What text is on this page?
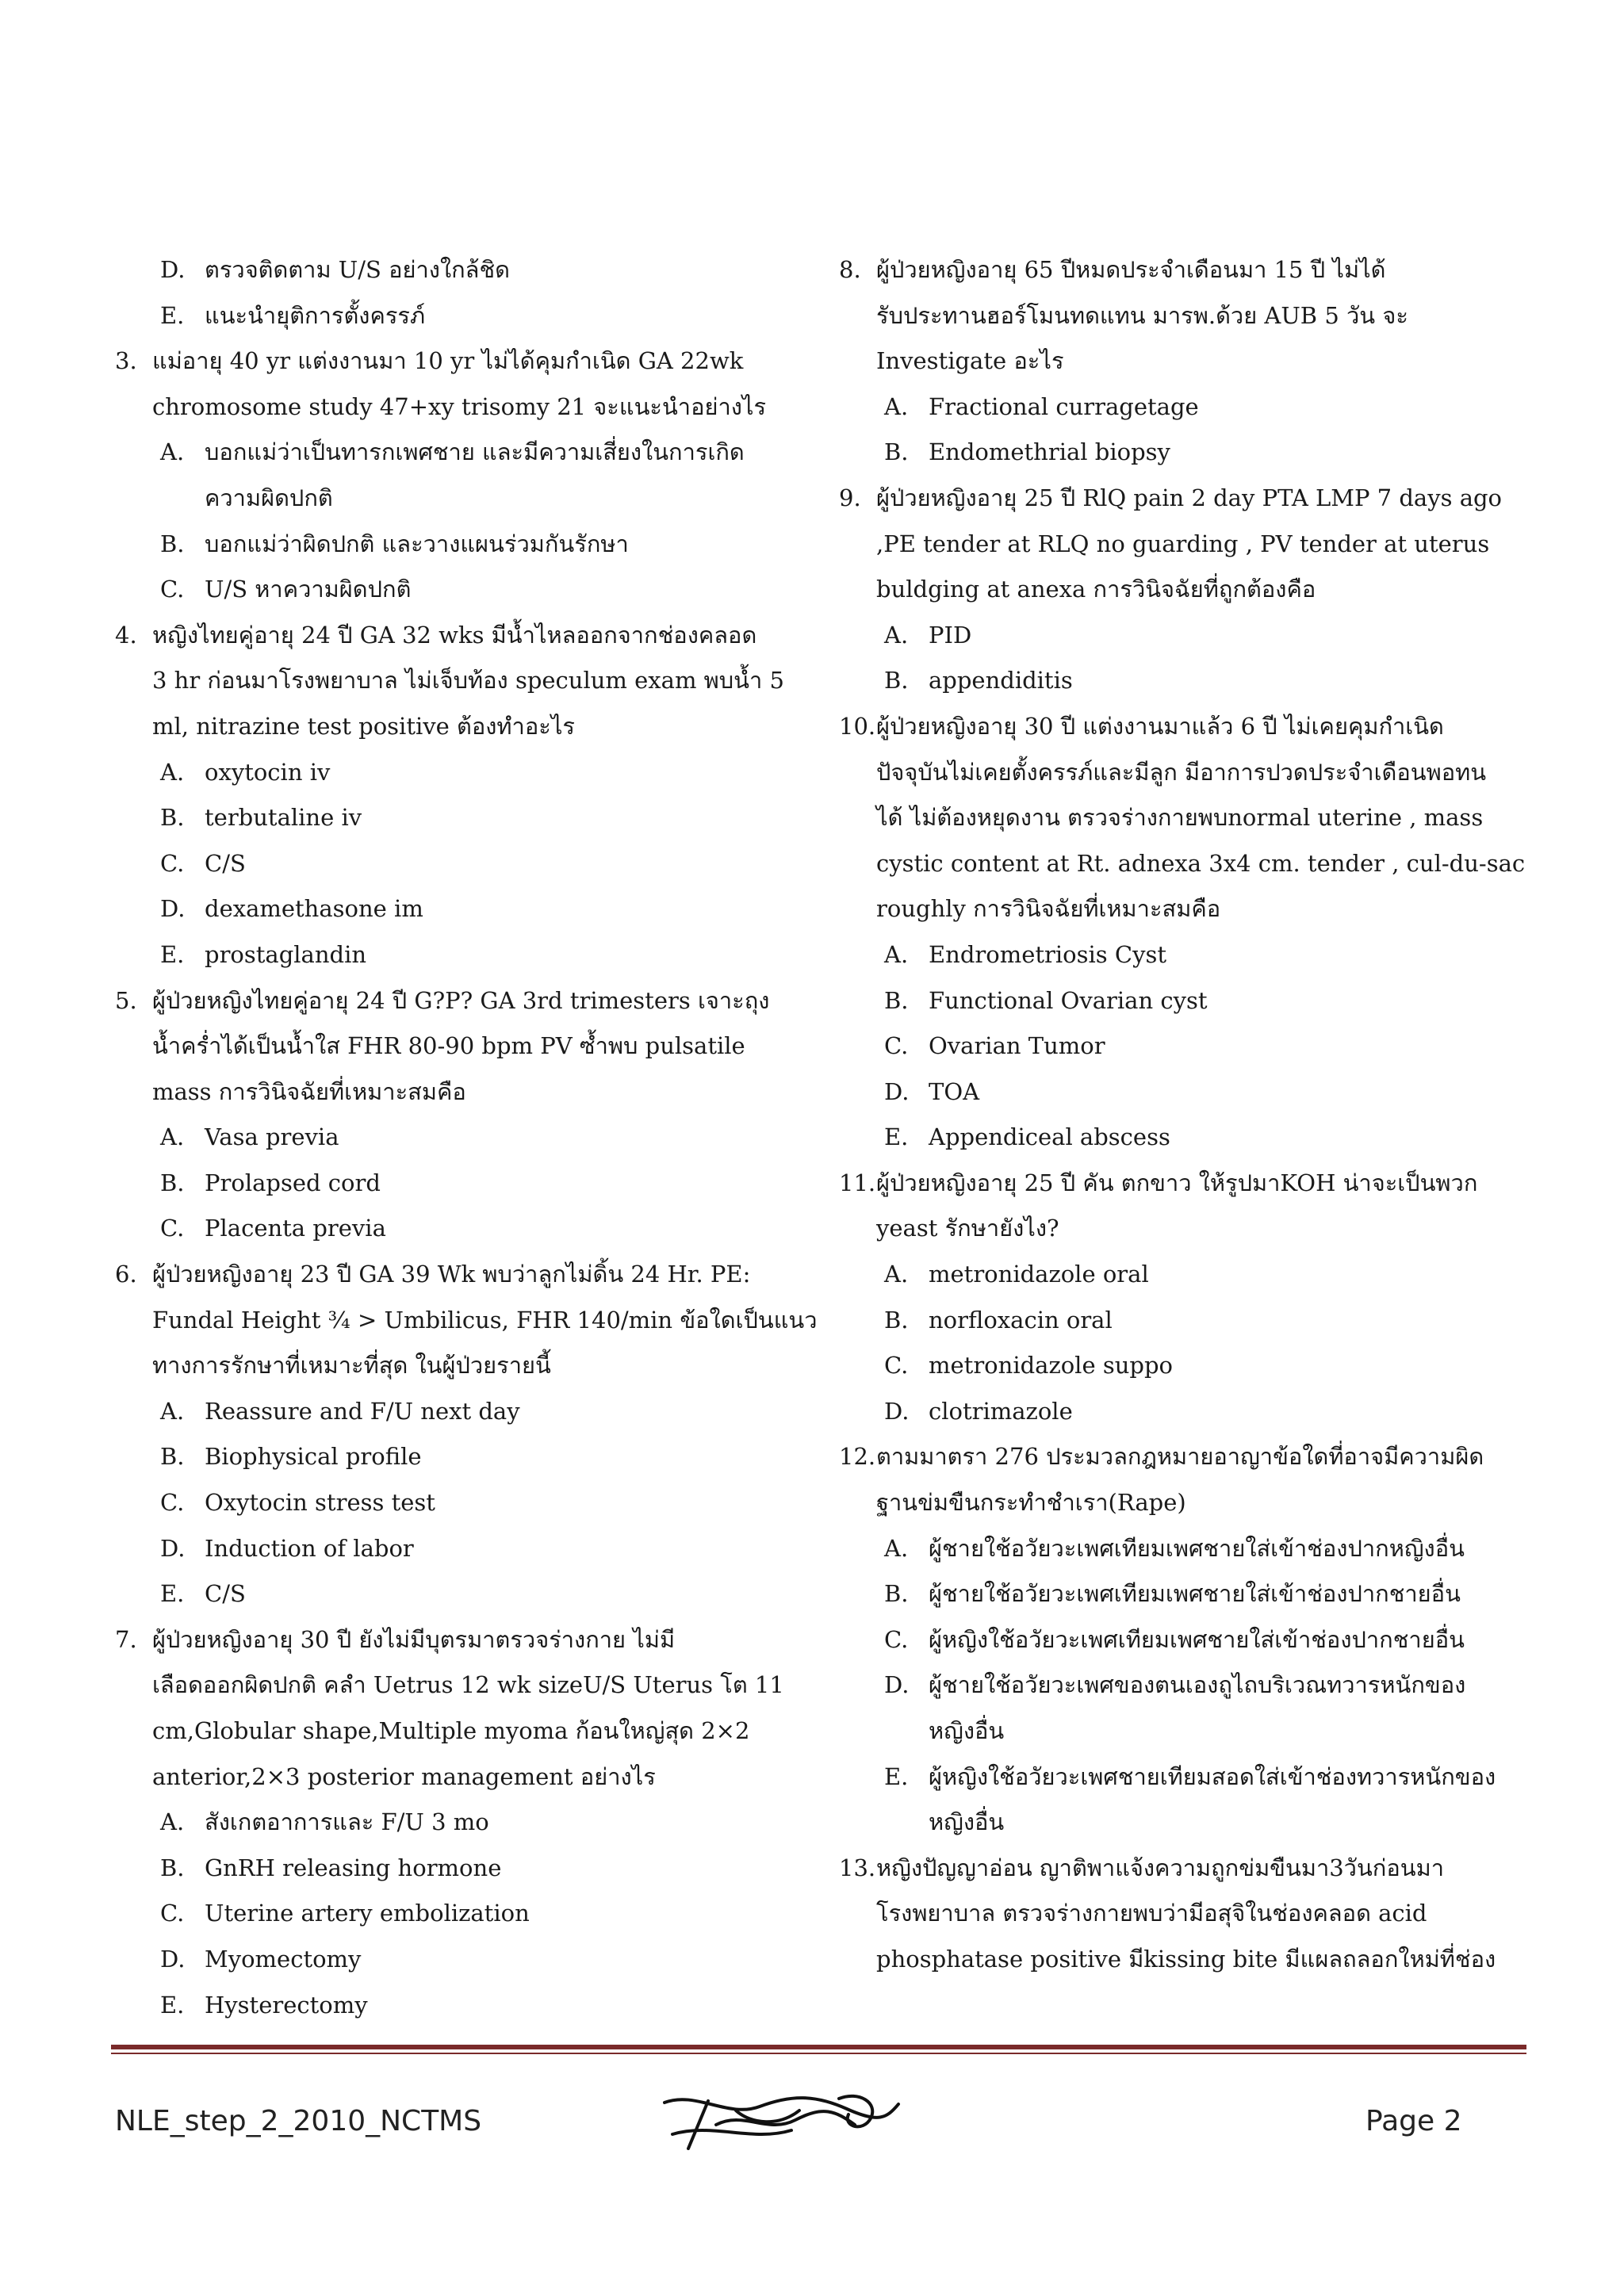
D. ตรวจติดตาม U/S อย่างใกล้ชิด
E. แนะนำยุติการตั้งครรภ์
3. แม่อายุ 40 yr แต่งงานมา 10 yr ไม่ได้คุมกำเนิด GA 22wk
chromosome study 47+xy trisomy 21 จะแนะนำอย่างไร
A. บอกแม่ว่าเป็นทารกเพศชาย และมีความเสี่ยงในการเกิด
ความผิดปกติ
B. บอกแม่ว่าผิดปกติ และวางแผนร่วมกันรักษา
C. U/S หาความผิดปกติ
4. หญิงไทยคู่อายุ 24 ปี GA 32 wks มีน้ำไหลออกจากช่องคลอด
3 hr ก่อนมาโรงพยาบาล ไม่เจ็บท้อง speculum exam พบน้ำ 5
ml, nitrazine test positive ต้องทำอะไร
A. oxytocin iv
B. terbutaline iv
C. C/S
D. dexamethasone im
E. prostaglandin
5. ผู้ป่วยหญิงไทยคู่อายุ 24 ปี G?P? GA 3rd trimesters เจาะถุง
น้ำคร่ำได้เป็นน้ำใส FHR 80-90 bpm PV ซ้ำพบ pulsatile
mass การวินิจฉัยที่เหมาะสมคือ
A. Vasa previa
B. Prolapsed cord
C. Placenta previa
6. ผู้ป่วยหญิงอายุ 23 ปี GA 39 Wk พบว่าลูกไม่ดิ้น 24 Hr. PE:
Fundal Height ¾ > Umbilicus, FHR 140/min ข้อใดเป็นแนว
ทางการรักษาที่เหมาะที่สุด ในผู้ป่วยรายนี้
A. Reassure and F/U next day
B. Biophysical profile
C. Oxytocin stress test
D. Induction of labor
E. C/S
7. ผู้ป่วยหญิงอายุ 30 ปี ยังไม่มีบุตรมาตรวจร่างกาย ไม่มี
เลือดออกผิดปกติ คลำ Uetrus 12 wk sizeU/S Uterus โต 11
cm,Globular shape,Multiple myoma ก้อนใหญ่สุด 2×2
anterior,2×3 posterior management อย่างไร
A. สังเกตอาการและ F/U 3 mo
B. GnRH releasing hormone
C. Uterine artery embolization
D. Myomectomy
E. Hysterectomy
8. ผู้ป่วยหญิงอายุ 65 ปีหมดประจำเดือนมา 15 ปี ไม่ได้
รับประทานฮอร์โมนทดแทน มารพ.ด้วย AUB 5 วัน จะ
Investigate อะไร
A. Fractional curragetage
B. Endomethrial biopsy
9. ผู้ป่วยหญิงอายุ 25 ปี RlQ pain 2 day PTA LMP 7 days ago
,PE tender at RLQ no guarding , PV tender at uterus
buldging at anexa การวินิจฉัยที่ถูกต้องคือ
A. PID
B. appendiditis
10. ผู้ป่วยหญิงอายุ 30 ปี แต่งงานมาแล้ว 6 ปี ไม่เคยคุมกำเนิด
ปัจจุบันไม่เคยตั้งครรภ์และมีลูก มีอาการปวดประจำเดือนพอทน
ได้ ไม่ต้องหยุดงาน ตรวจร่างกายพบnormal uterine , mass
cystic content at Rt. adnexa 3x4 cm. tender , cul-du-sac
roughly การวินิจฉัยที่เหมาะสมคือ
A. Endrometriosis Cyst
B. Functional Ovarian cyst
C. Ovarian Tumor
D. TOA
E. Appendiceal abscess
11. ผู้ป่วยหญิงอายุ 25 ปี คัน ตกขาว ให้รูปมาKOH น่าจะเป็นพวก
yeast รักษายังไง?
A. metronidazole oral
B. norfloxacin oral
C. metronidazole suppo
D. clotrimazole
12. ตามมาตรา 276 ประมวลกฎหมายอาญาข้อใดที่อาจมีความผิด
ฐานข่มขืนกระทำชำเรา(Rape)
A. ผู้ชายใช้อวัยวะเพศเทียมเพศชายใส่เข้าช่องปากหญิงอื่น
B. ผู้ชายใช้อวัยวะเพศเทียมเพศชายใส่เข้าช่องปากชายอื่น
C. ผู้หญิงใช้อวัยวะเพศเทียมเพศชายใส่เข้าช่องปากชายอื่น
D. ผู้ชายใช้อวัยวะเพศของตนเองถูไถบริเวณทวารหนักของ
หญิงอื่น
E. ผู้หญิงใช้อวัยวะเพศชายเทียมสอดใส่เข้าช่องทวารหนักของ
หญิงอื่น
13. หญิงปัญญาอ่อน ญาติพาแจ้งความถูกข่มขืนมา3วันก่อนมา
โรงพยาบาล ตรวจร่างกายพบว่ามีอสุจิในช่องคลอด acid
phosphatase positive มีkissing bite มีแผลถลอกใหม่ที่ช่อง
NLE_step_2_2010_NCTMS	Page 2
